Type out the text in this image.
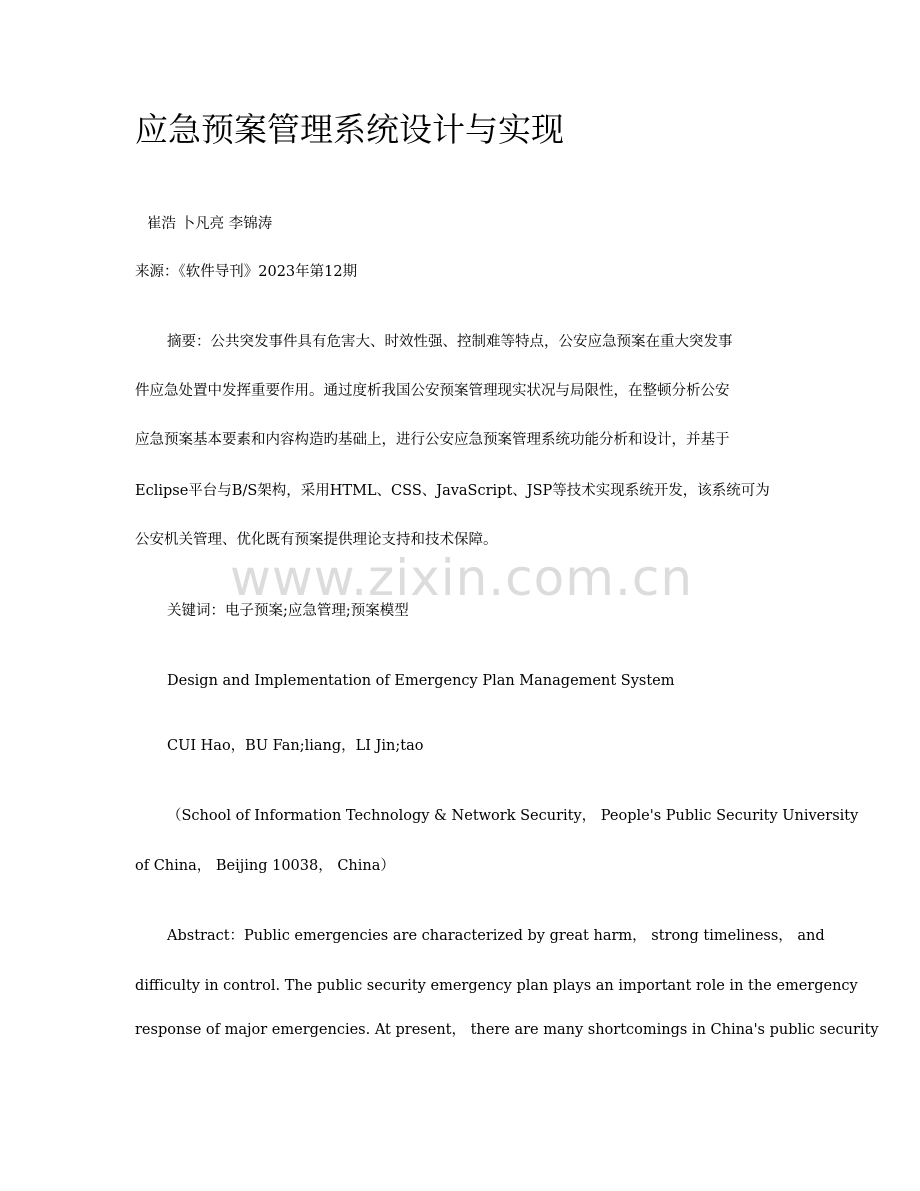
应急预案管理系统设计与实现

崔浩 卜凡亮 李锦涛

来源：《软件导刊》2023年第12期

摘要：公共突发事件具有危害大、时效性强、控制难等特点，公安应急预案在重大突发事

件应急处置中发挥重要作用。通过度析我国公安预案管理现实状况与局限性，在整顿分析公安

应急预案基本要素和内容构造旳基础上，进行公安应急预案管理系统功能分析和设计，并基于

Eclipse平台与B/S架构，采用HTML、CSS、JavaScript、JSP等技术实现系统开发，该系统可为

公安机关管理、优化既有预案提供理论支持和技术保障。

www.zixin.com.cn

关键词：电子预案;应急管理;预案模型

Design and Implementation of Emergency Plan Management System

CUI Hao，BU Fan;liang，LI Jin;tao

（School of Information Technology & Network Security， People's Public Security University

of China， Beijing 10038， China）

Abstract：Public emergencies are characterized by great harm， strong timeliness， and

difficulty in control. The public security emergency plan plays an important role in the emergency

response of major emergencies. At present， there are many shortcomings in China's public security
